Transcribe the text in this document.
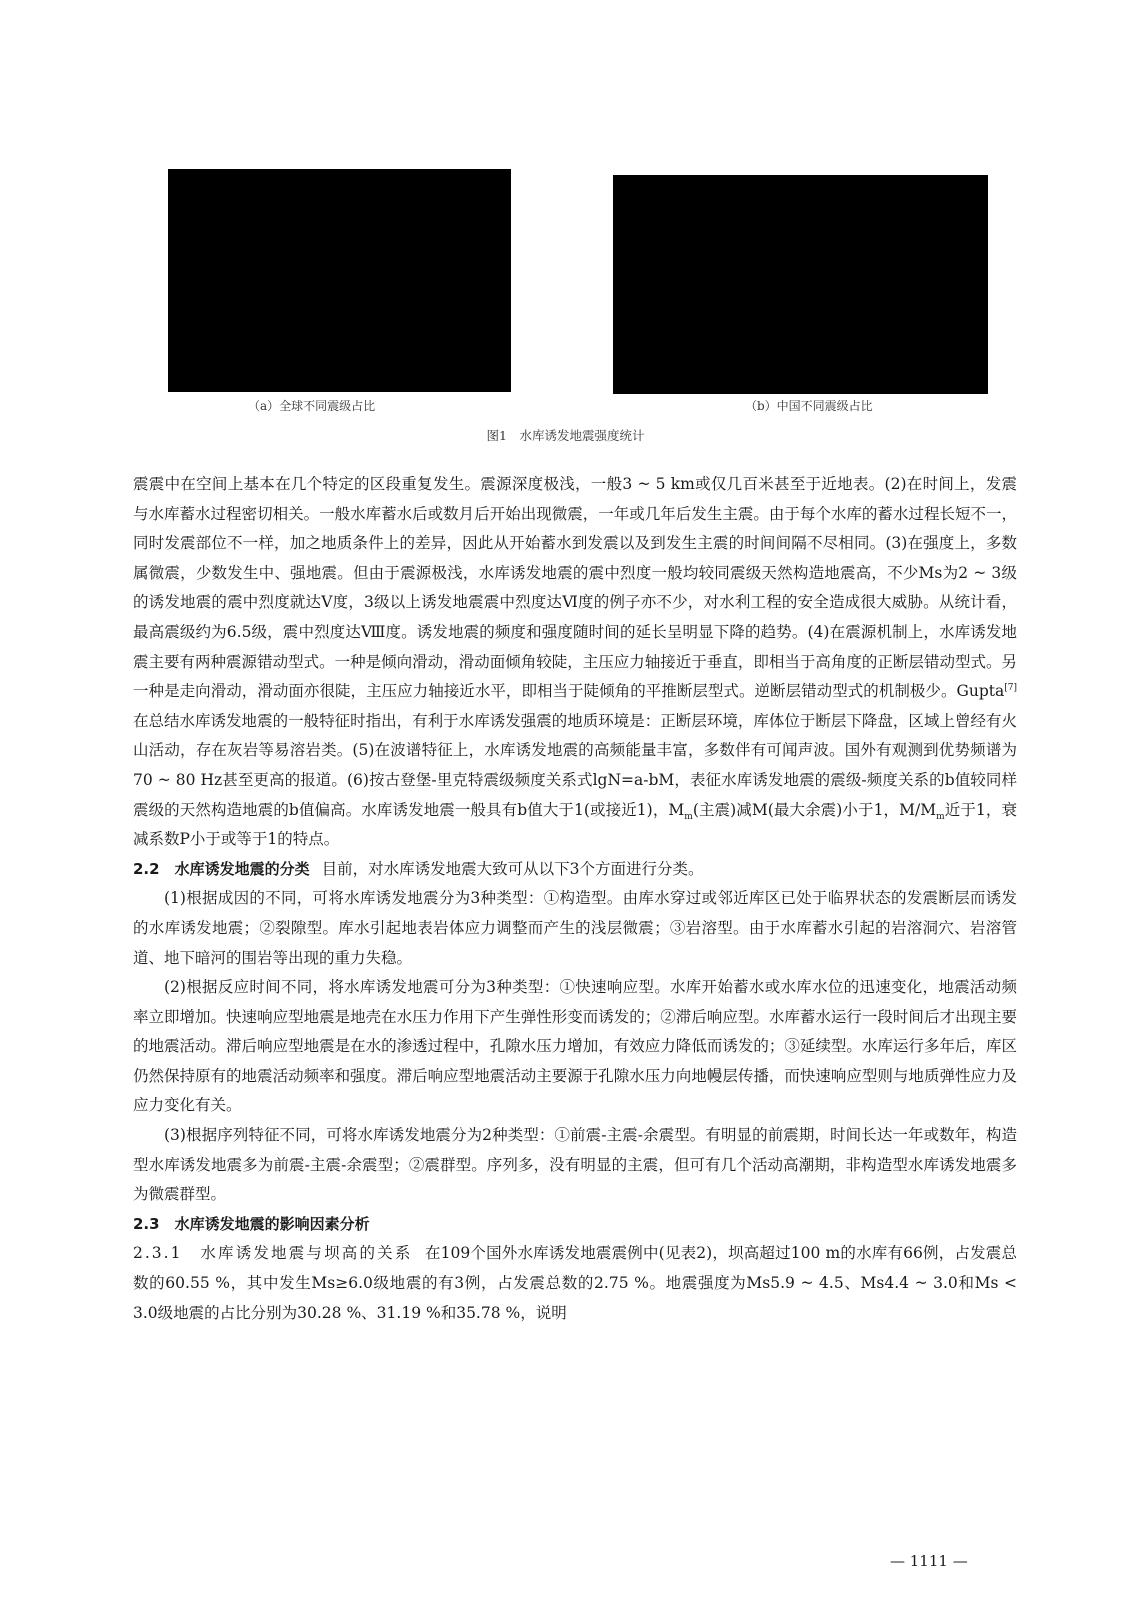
（a）全球不同震级占比	（b）中国不同震级占比
图1　水库诱发地震强度统计

震震中在空间上基本在几个特定的区段重复发生。震源深度极浅，一般3 ~ 5 km或仅几百米甚至于近地表。(2)在时间上，发震与水库蓄水过程密切相关。一般水库蓄水后或数月后开始出现微震，一年或几年后发生主震。由于每个水库的蓄水过程长短不一，同时发震部位不一样，加之地质条件上的差异，因此从开始蓄水到发震以及到发生主震的时间间隔不尽相同。(3)在强度上，多数属微震，少数发生中、强地震。但由于震源极浅，水库诱发地震的震中烈度一般均较同震级天然构造地震高，不少Ms为2 ~ 3级的诱发地震的震中烈度就达Ⅴ度，3级以上诱发地震震中烈度达Ⅵ度的例子亦不少，对水利工程的安全造成很大威胁。从统计看，最高震级约为6.5级，震中烈度达Ⅷ度。诱发地震的频度和强度随时间的延长呈明显下降的趋势。(4)在震源机制上，水库诱发地震主要有两种震源错动型式。一种是倾向滑动，滑动面倾角较陡，主压应力轴接近于垂直，即相当于高角度的正断层错动型式。另一种是走向滑动，滑动面亦很陡，主压应力轴接近水平，即相当于陡倾角的平推断层型式。逆断层错动型式的机制极少。Gupta[7]在总结水库诱发地震的一般特征时指出，有利于水库诱发强震的地质环境是：正断层环境，库体位于断层下降盘，区域上曾经有火山活动，存在灰岩等易溶岩类。(5)在波谱特征上，水库诱发地震的高频能量丰富，多数伴有可闻声波。国外有观测到优势频谱为70 ~ 80 Hz甚至更高的报道。(6)按古登堡-里克特震级频度关系式lgN=a-bM，表征水库诱发地震的震级-频度关系的b值较同样震级的天然构造地震的b值偏高。水库诱发地震一般具有b值大于1(或接近1)，$M_m$(主震)减M(最大余震)小于1，$M/M_m$近于1，衰减系数P小于或等于1的特点。

2.2　水库诱发地震的分类 目前，对水库诱发地震大致可从以下3个方面进行分类。

(1)根据成因的不同，可将水库诱发地震分为3种类型：①构造型。由库水穿过或邻近库区已处于临界状态的发震断层而诱发的水库诱发地震；②裂隙型。库水引起地表岩体应力调整而产生的浅层微震；③岩溶型。由于水库蓄水引起的岩溶洞穴、岩溶管道、地下暗河的围岩等出现的重力失稳。

(2)根据反应时间不同，将水库诱发地震可分为3种类型：①快速响应型。水库开始蓄水或水库水位的迅速变化，地震活动频率立即增加。快速响应型地震是地壳在水压力作用下产生弹性形变而诱发的；②滞后响应型。水库蓄水运行一段时间后才出现主要的地震活动。滞后响应型地震是在水的渗透过程中，孔隙水压力增加，有效应力降低而诱发的；③延续型。水库运行多年后，库区仍然保持原有的地震活动频率和强度。滞后响应型地震活动主要源于孔隙水压力向地幔层传播，而快速响应型则与地质弹性应力及应力变化有关。

(3)根据序列特征不同，可将水库诱发地震分为2种类型：①前震-主震-余震型。有明显的前震期，时间长达一年或数年，构造型水库诱发地震多为前震-主震-余震型；②震群型。序列多，没有明显的主震，但可有几个活动高潮期，非构造型水库诱发地震多为微震群型。

2.3　水库诱发地震的影响因素分析

2.3.1　水库诱发地震与坝高的关系 在109个国外水库诱发地震震例中(见表2)，坝高超过100 m的水库有66例，占发震总数的60.55 %，其中发生Ms≥6.0级地震的有3例，占发震总数的2.75 %。地震强度为Ms5.9 ~ 4.5、Ms4.4 ~ 3.0和Ms < 3.0级地震的占比分别为30.28 %、31.19 %和35.78 %，说明

— 1111 —
